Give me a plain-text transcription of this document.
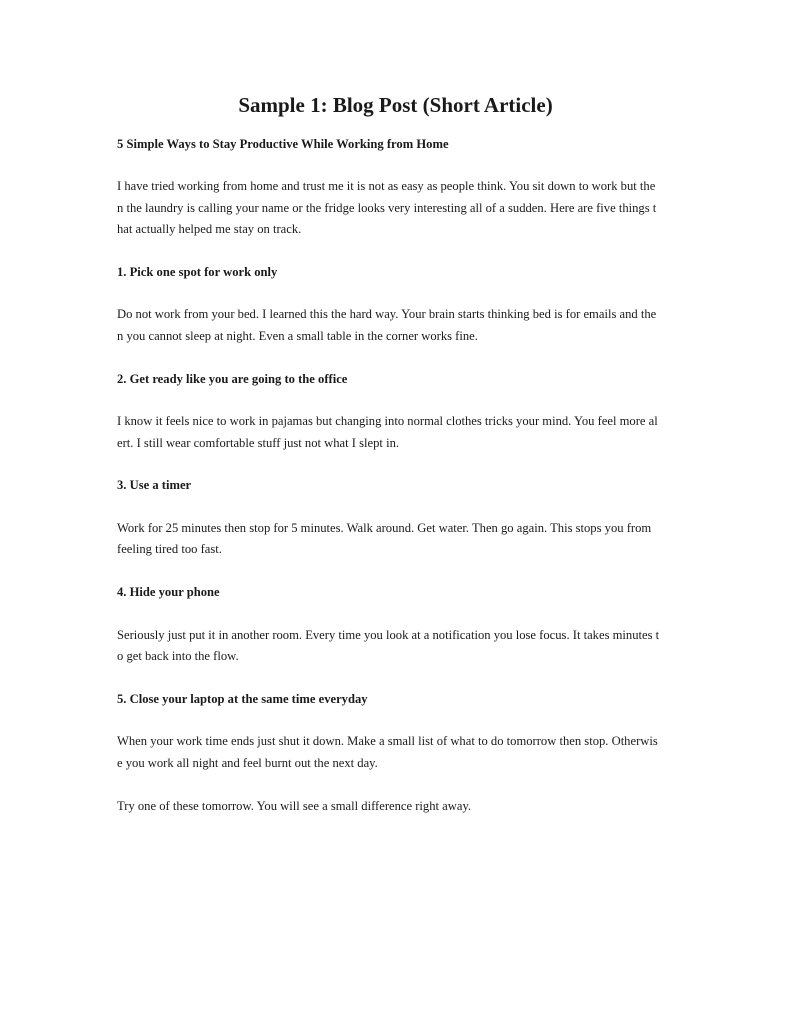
Sample 1: Blog Post (Short Article)

5 Simple Ways to Stay Productive While Working from Home

I have tried working from home and trust me it is not as easy as people think. You sit down to work but the

n the laundry is calling your name or the fridge looks very interesting all of a sudden. Here are five things t

hat actually helped me stay on track.

1. Pick one spot for work only

Do not work from your bed. I learned this the hard way. Your brain starts thinking bed is for emails and the

n you cannot sleep at night. Even a small table in the corner works fine.

2. Get ready like you are going to the office

I know it feels nice to work in pajamas but changing into normal clothes tricks your mind. You feel more al

ert. I still wear comfortable stuff just not what I slept in.

3. Use a timer

Work for 25 minutes then stop for 5 minutes. Walk around. Get water. Then go again. This stops you from

feeling tired too fast.

4. Hide your phone

Seriously just put it in another room. Every time you look at a notification you lose focus. It takes minutes t

o get back into the flow.

5. Close your laptop at the same time everyday

When your work time ends just shut it down. Make a small list of what to do tomorrow then stop. Otherwis

e you work all night and feel burnt out the next day.

Try one of these tomorrow. You will see a small difference right away.
